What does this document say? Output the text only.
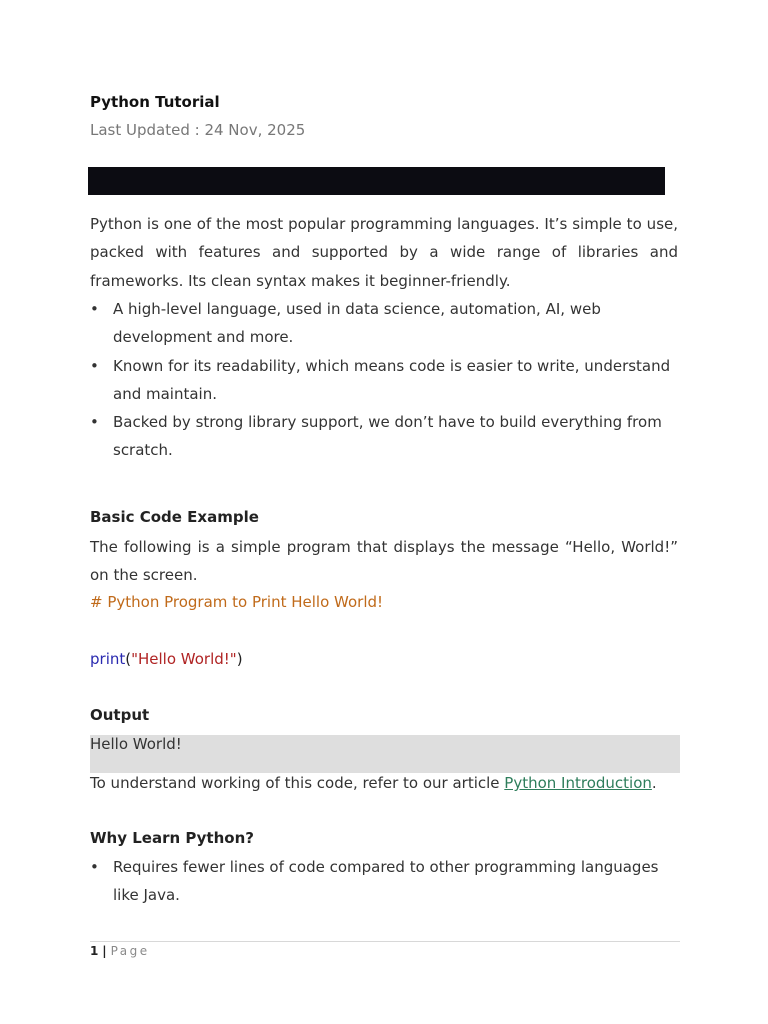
Python Tutorial
Last Updated : 24 Nov, 2025

Python is one of the most popular programming languages. It’s simple to use, packed with features and supported by a wide range of libraries and frameworks. Its clean syntax makes it beginner-friendly.

• A high-level language, used in data science, automation, AI, web development and more.
• Known for its readability, which means code is easier to write, understand and maintain.
• Backed by strong library support, we don’t have to build everything from scratch.
Basic Code Example

The following is a simple program that displays the message “Hello, World!” on the screen.

# Python Program to Print Hello World!
print("Hello World!")
Output
Hello World!

To understand working of this code, refer to our article Python Introduction.

Why Learn Python?
• Requires fewer lines of code compared to other programming languages like Java.
1 | Page
